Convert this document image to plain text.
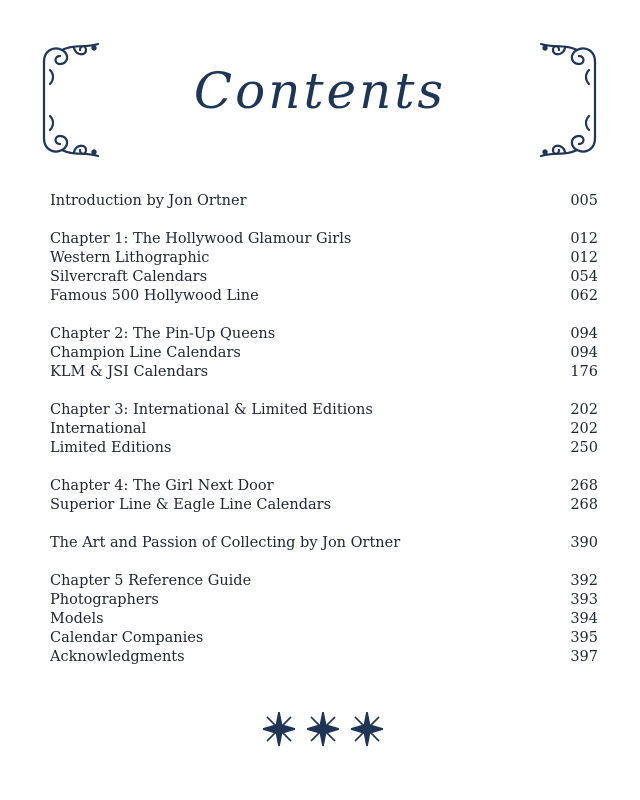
Contents
Introduction by Jon Ortner	005
Chapter 1: The Hollywood Glamour Girls	012
Western Lithographic	012
Silvercraft Calendars	054
Famous 500 Hollywood Line	062
Chapter 2: The Pin-Up Queens	094
Champion Line Calendars	094
KLM & JSI Calendars	176
Chapter 3: International & Limited Editions	202
International	202
Limited Editions	250
Chapter 4: The Girl Next Door	268
Superior Line & Eagle Line Calendars	268
The Art and Passion of Collecting by Jon Ortner	390
Chapter 5 Reference Guide	392
Photographers	393
Models	394
Calendar Companies	395
Acknowledgments	397
